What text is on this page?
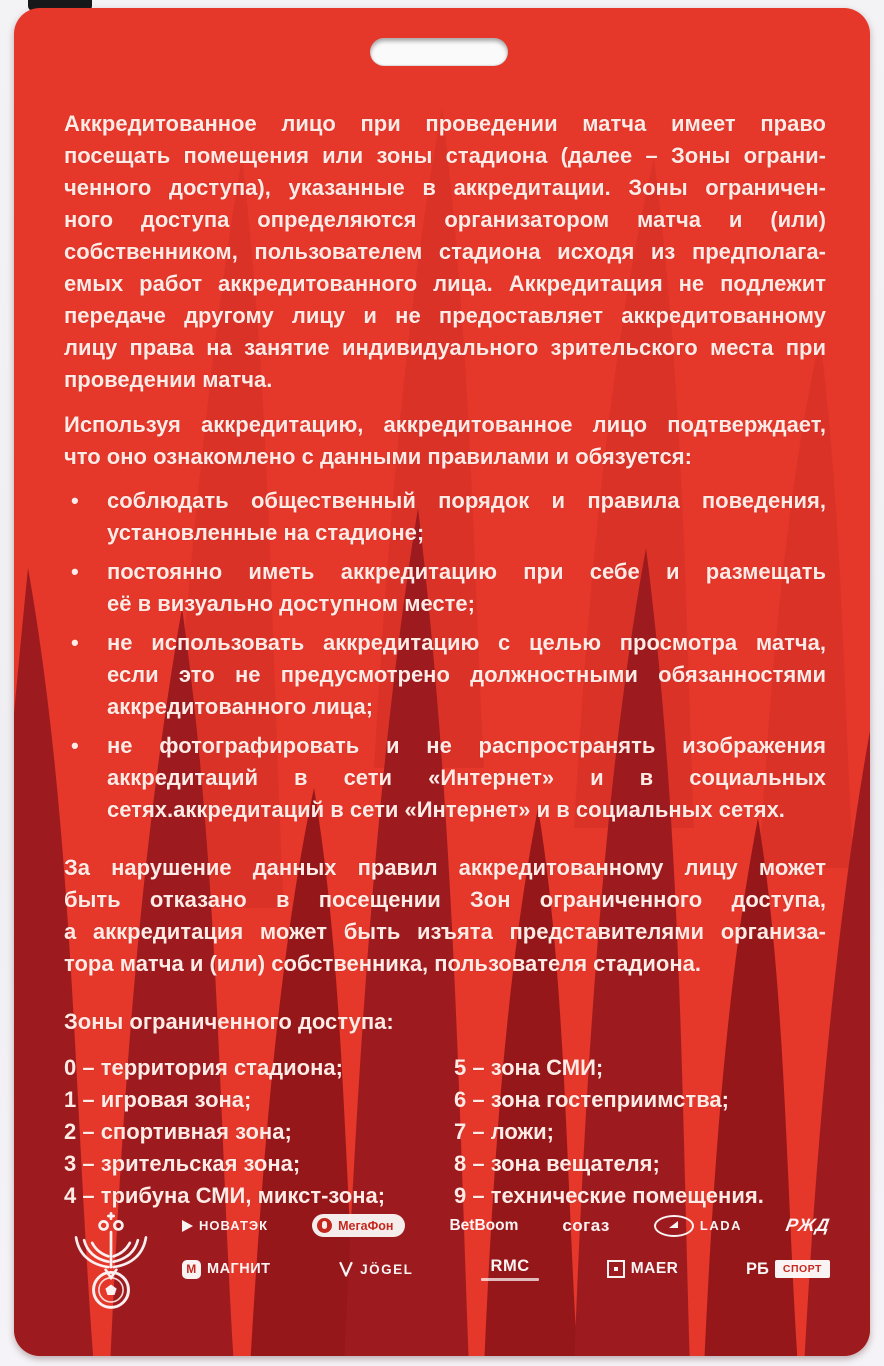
Аккредитованное лицо при проведении матча имеет право
посещать помещения или зоны стадиона (далее – Зоны ограни-
ченного доступа), указанные в аккредитации. Зоны ограничен-
ного доступа определяются организатором матча и (или)
собственником, пользователем стадиона исходя из предполага-
емых работ аккредитованного лица. Аккредитация не подлежит
передаче другому лицу и не предоставляет аккредитованному
лицу права на занятие индивидуального зрительского места при
проведении матча.
Используя аккредитацию, аккредитованное лицо подтверждает,
что оно ознакомлено с данными правилами и обязуется:
•	соблюдать общественный порядок и правила поведения,
установленные на стадионе;
•	постоянно иметь аккредитацию при себе и размещать
её в визуально доступном месте;
•	не использовать аккредитацию с целью просмотра матча,
если это не предусмотрено должностными обязанностями
аккредитованного лица;
•	не фотографировать и не распространять изображения
аккредитаций в сети «Интернет» и в социальных
сетях.аккредитаций в сети «Интернет» и в социальных сетях.
За нарушение данных правил аккредитованному лицу может
быть отказано в посещении Зон ограниченного доступа,
а аккредитация может быть изъята представителями организа-
тора матча и (или) собственника, пользователя стадиона.
Зоны ограниченного доступа:
0 – территория стадиона;
1 – игровая зона;
2 – спортивная зона;
3 – зрительская зона;
4 – трибуна СМИ, микст-зона;
5 – зона СМИ;
6 – зона гостеприимства;
7 – ложи;
8 – зона вещателя;
9 – технические помещения.
НОВАТЭК	МегаФон	BetBoom	согаз	LADA РЖД
М МАГНИТ	JÖGEL	RMC	MAER	РБ	СПОРТ
